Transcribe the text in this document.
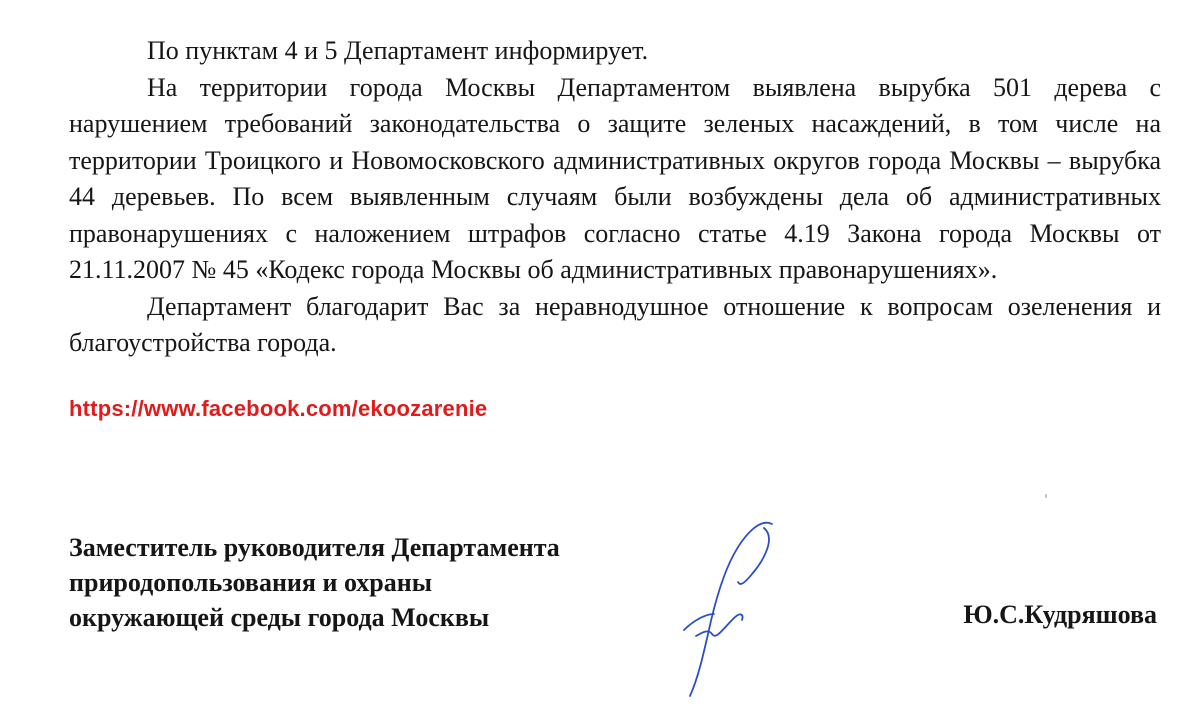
По пунктам 4 и 5 Департамент информирует.

На территории города Москвы Департаментом выявлена вырубка 501 дерева с нарушением требований законодательства о защите зеленых насаждений, в том числе на территории Троицкого и Новомосковского административных округов города Москвы – вырубка 44 деревьев. По всем выявленным случаям были возбуждены дела об административных правонарушениях с наложением штрафов согласно статье 4.19 Закона города Москвы от 21.11.2007 № 45 «Кодекс города Москвы об административных правонарушениях».

Департамент благодарит Вас за неравнодушное отношение к вопросам озеленения и благоустройства города.

https://www.facebook.com/ekoozarenie
Заместитель руководителя Департамента
природопользования и охраны
окружающей среды города Москвы	Ю.С.Кудряшова
